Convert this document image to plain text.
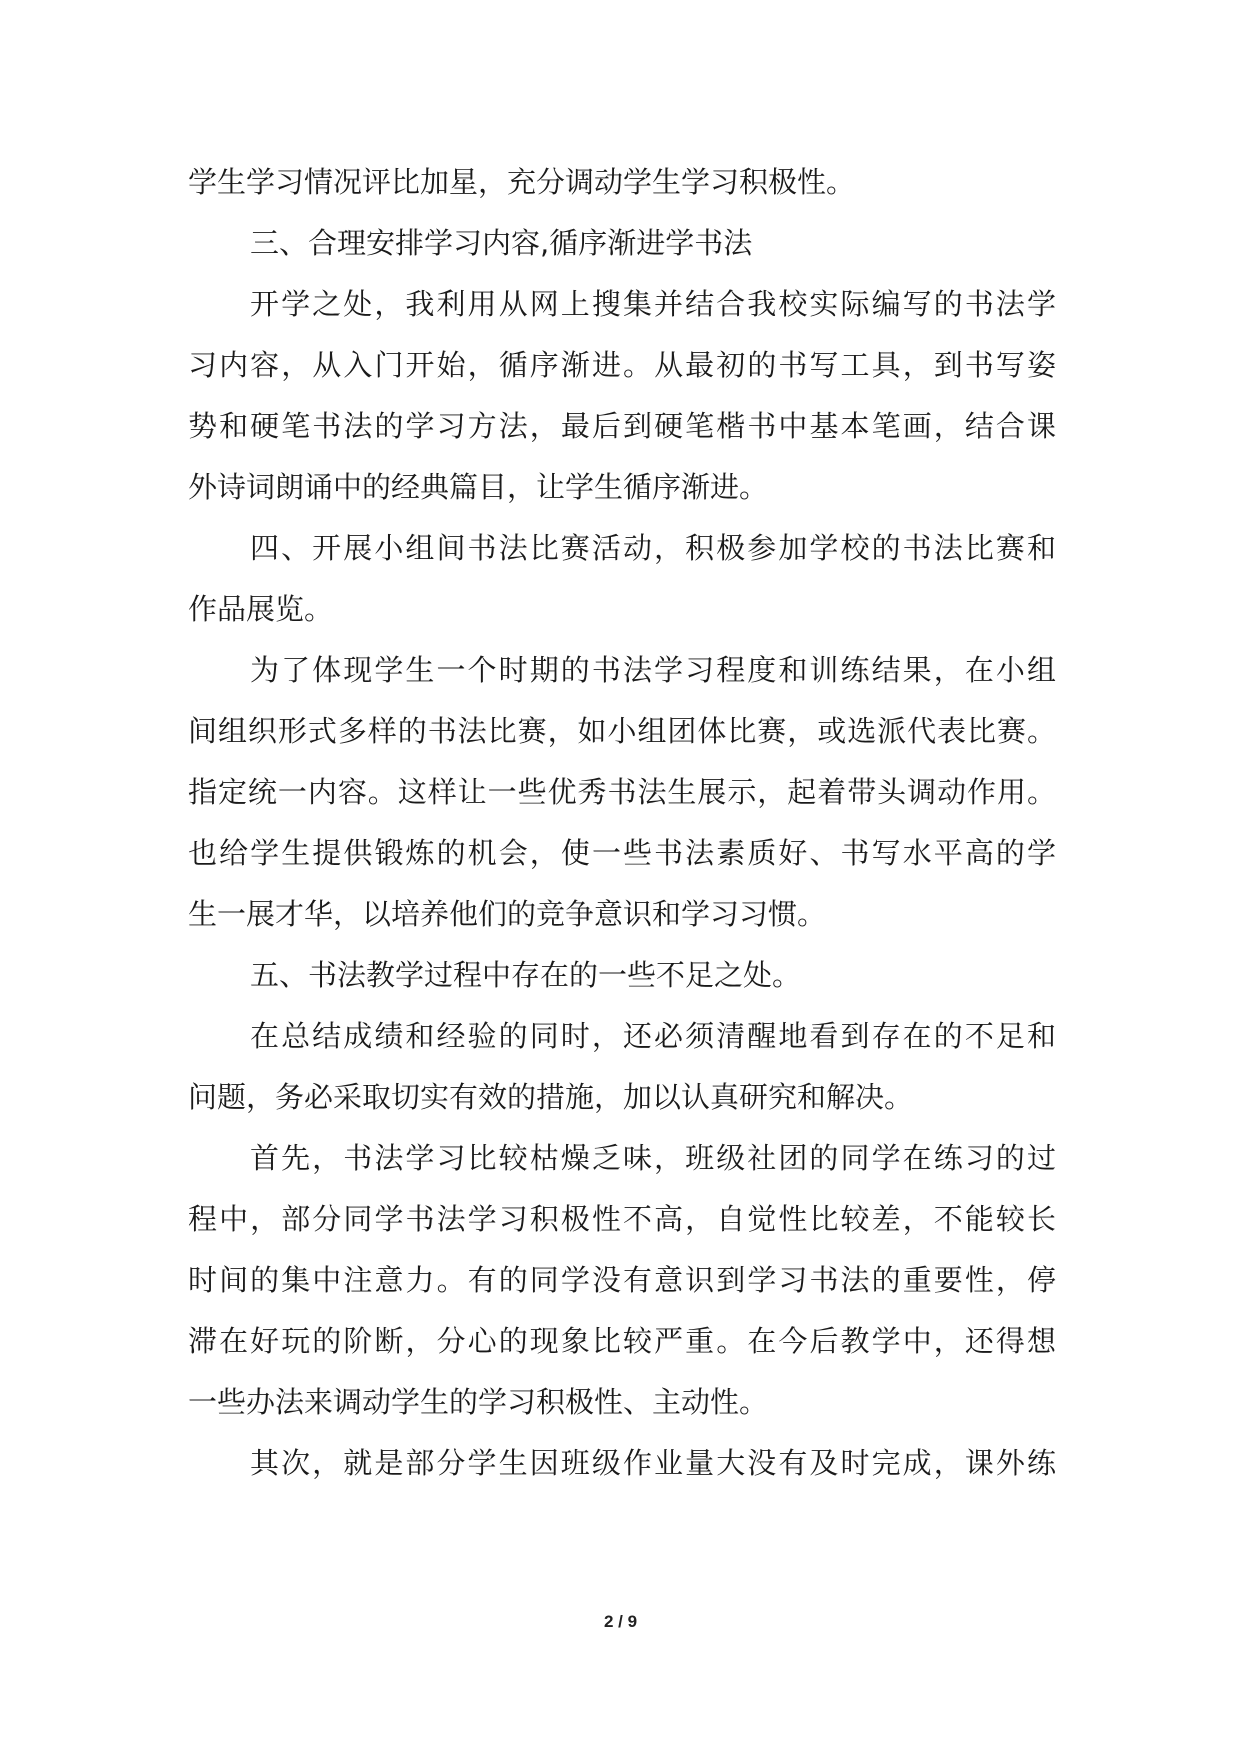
学生学习情况评比加星，充分调动学生学习积极性。
三、合理安排学习内容,循序渐进学书法
开学之处，我利用从网上搜集并结合我校实际编写的书法学
习内容，从入门开始，循序渐进。从最初的书写工具，到书写姿
势和硬笔书法的学习方法，最后到硬笔楷书中基本笔画，结合课
外诗词朗诵中的经典篇目，让学生循序渐进。
四、开展小组间书法比赛活动，积极参加学校的书法比赛和
作品展览。
为了体现学生一个时期的书法学习程度和训练结果，在小组
间组织形式多样的书法比赛，如小组团体比赛，或选派代表比赛。
指定统一内容。这样让一些优秀书法生展示，起着带头调动作用。
也给学生提供锻炼的机会，使一些书法素质好、书写水平高的学
生一展才华，以培养他们的竞争意识和学习习惯。
五、书法教学过程中存在的一些不足之处。
在总结成绩和经验的同时，还必须清醒地看到存在的不足和
问题，务必采取切实有效的措施，加以认真研究和解决。
首先，书法学习比较枯燥乏味，班级社团的同学在练习的过
程中，部分同学书法学习积极性不高，自觉性比较差，不能较长
时间的集中注意力。有的同学没有意识到学习书法的重要性，停
滞在好玩的阶断，分心的现象比较严重。在今后教学中，还得想
一些办法来调动学生的学习积极性、主动性。
其次，就是部分学生因班级作业量大没有及时完成，课外练
2 / 9
